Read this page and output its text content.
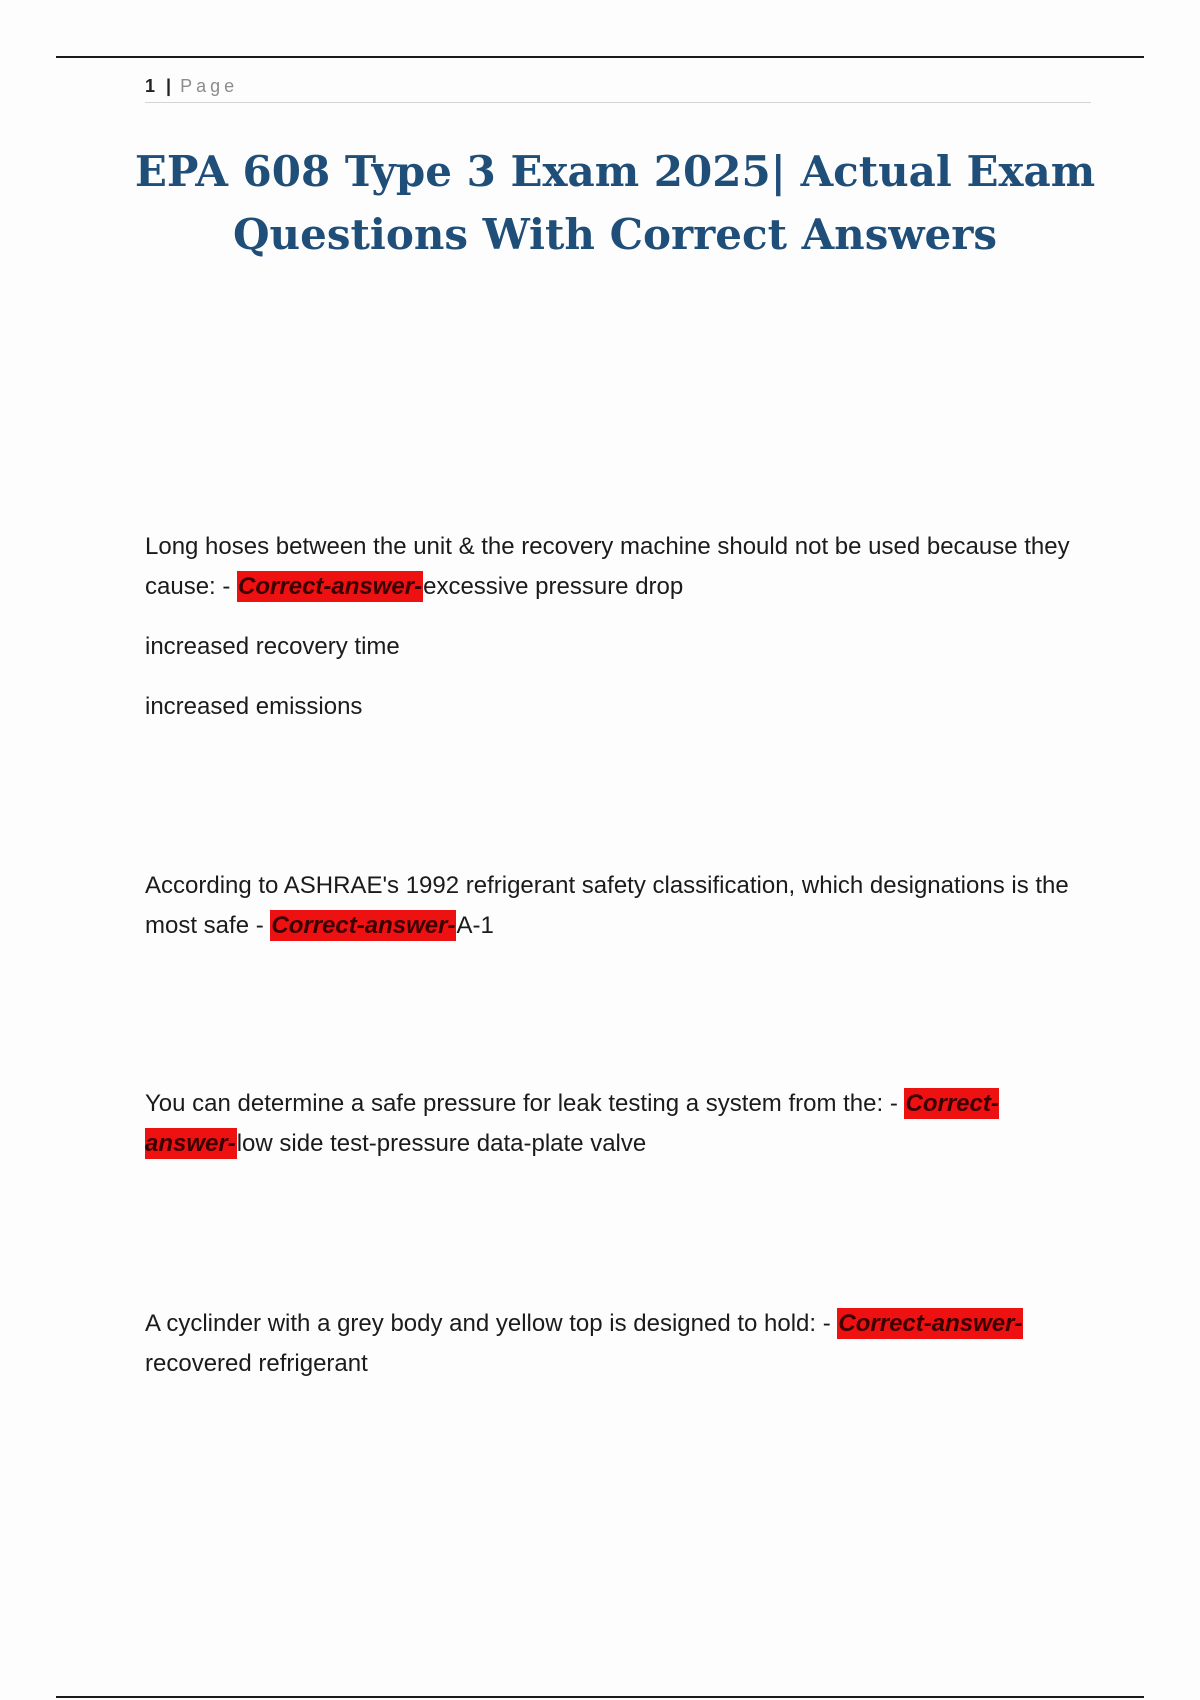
1 | Page
EPA 608 Type 3 Exam 2025| Actual Exam
Questions With Correct Answers

Long hoses between the unit & the recovery machine should not be used because they cause: - Correct-answer-excessive pressure drop

increased recovery time

increased emissions

According to ASHRAE's 1992 refrigerant safety classification, which designations is the most safe - Correct-answer-A-1

You can determine a safe pressure for leak testing a system from the: - Correct-answer-low side test-pressure data-plate valve

A cyclinder with a grey body and yellow top is designed to hold: - Correct-answer-recovered refrigerant
